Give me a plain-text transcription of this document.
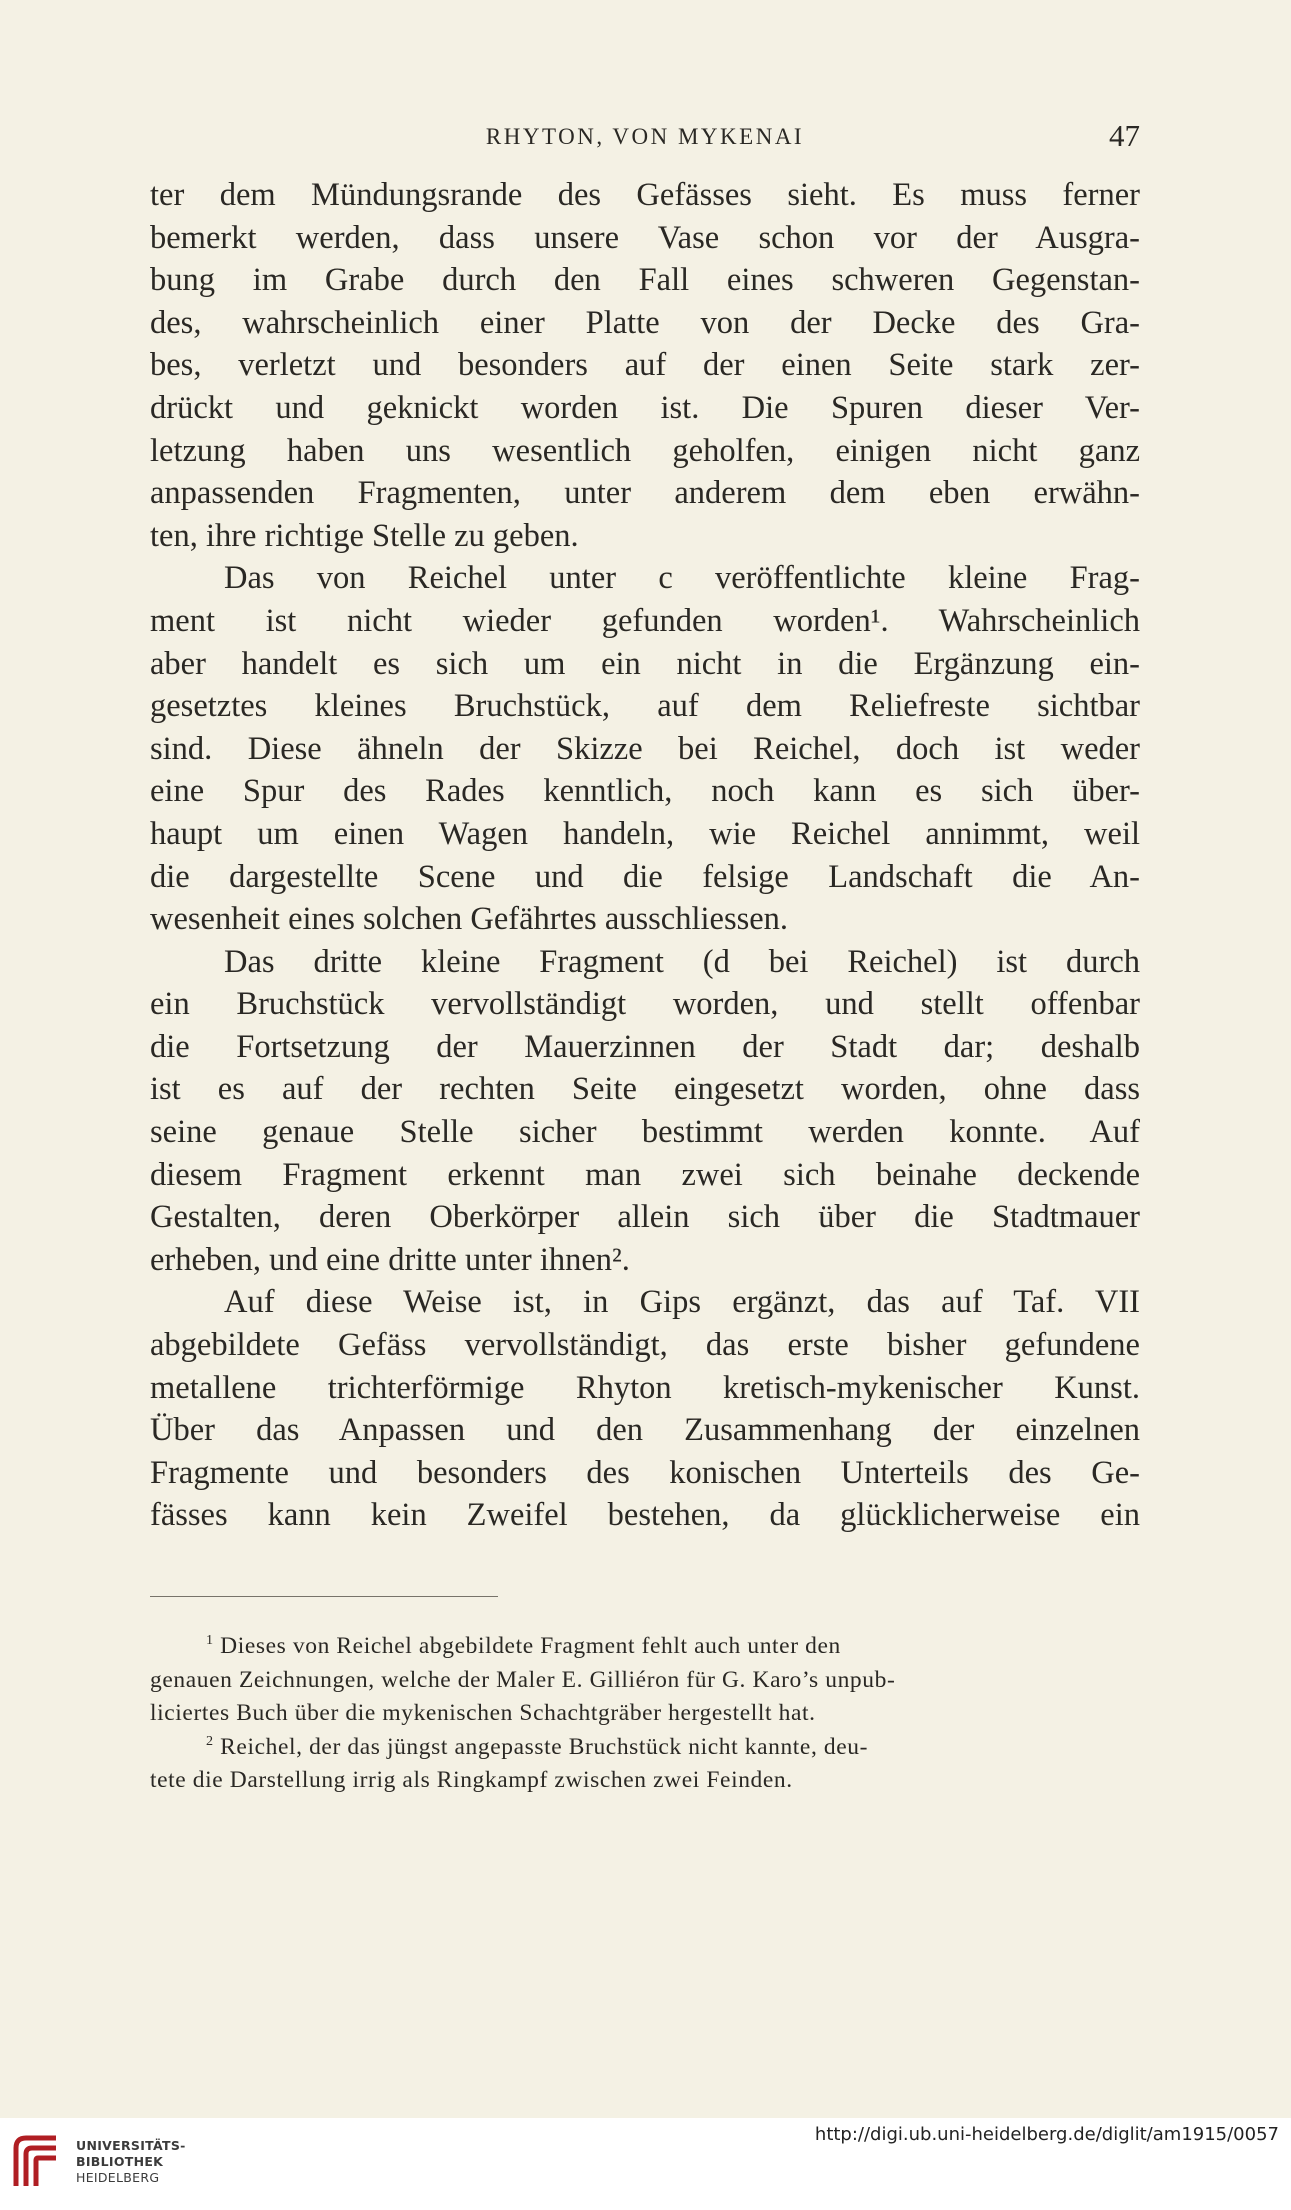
RHYTON, VON MYKENAI	47
ter dem Mündungsrande des Gefässes sieht. Es muss ferner
bemerkt werden, dass unsere Vase schon vor der Ausgra-
bung im Grabe durch den Fall eines schweren Gegenstan-
des, wahrscheinlich einer Platte von der Decke des Gra-
bes, verletzt und besonders auf der einen Seite stark zer-
drückt und geknickt worden ist. Die Spuren dieser Ver-
letzung haben uns wesentlich geholfen, einigen nicht ganz
anpassenden Fragmenten, unter anderem dem eben erwähn-
ten, ihre richtige Stelle zu geben.
Das von Reichel unter c veröffentlichte kleine Frag-
ment ist nicht wieder gefunden worden¹. Wahrscheinlich
aber handelt es sich um ein nicht in die Ergänzung ein-
gesetztes kleines Bruchstück, auf dem Reliefreste sichtbar
sind. Diese ähneln der Skizze bei Reichel, doch ist weder
eine Spur des Rades kenntlich, noch kann es sich über-
haupt um einen Wagen handeln, wie Reichel annimmt, weil
die dargestellte Scene und die felsige Landschaft die An-
wesenheit eines solchen Gefährtes ausschliessen.
Das dritte kleine Fragment (d bei Reichel) ist durch
ein Bruchstück vervollständigt worden, und stellt offenbar
die Fortsetzung der Mauerzinnen der Stadt dar; deshalb
ist es auf der rechten Seite eingesetzt worden, ohne dass
seine genaue Stelle sicher bestimmt werden konnte. Auf
diesem Fragment erkennt man zwei sich beinahe deckende
Gestalten, deren Oberkörper allein sich über die Stadtmauer
erheben, und eine dritte unter ihnen².
Auf diese Weise ist, in Gips ergänzt, das auf Taf. VII
abgebildete Gefäss vervollständigt, das erste bisher gefundene
metallene trichterförmige Rhyton kretisch-mykenischer Kunst.
Über das Anpassen und den Zusammenhang der einzelnen
Fragmente und besonders des konischen Unterteils des Ge-
fässes kann kein Zweifel bestehen, da glücklicherweise ein
$^1$ Dieses von Reichel abgebildete Fragment fehlt auch unter den
genauen Zeichnungen, welche der Maler E. Gilliéron für G. Karo’s unpub-
liciertes Buch über die mykenischen Schachtgräber hergestellt hat.
$^2$ Reichel, der das jüngst angepasste Bruchstück nicht kannte, deu-
tete die Darstellung irrig als Ringkampf zwischen zwei Feinden.
UNIVERSITÄTS-
BIBLIOTHEK
HEIDELBERG
http://digi.ub.uni-heidelberg.de/diglit/am1915/0057
